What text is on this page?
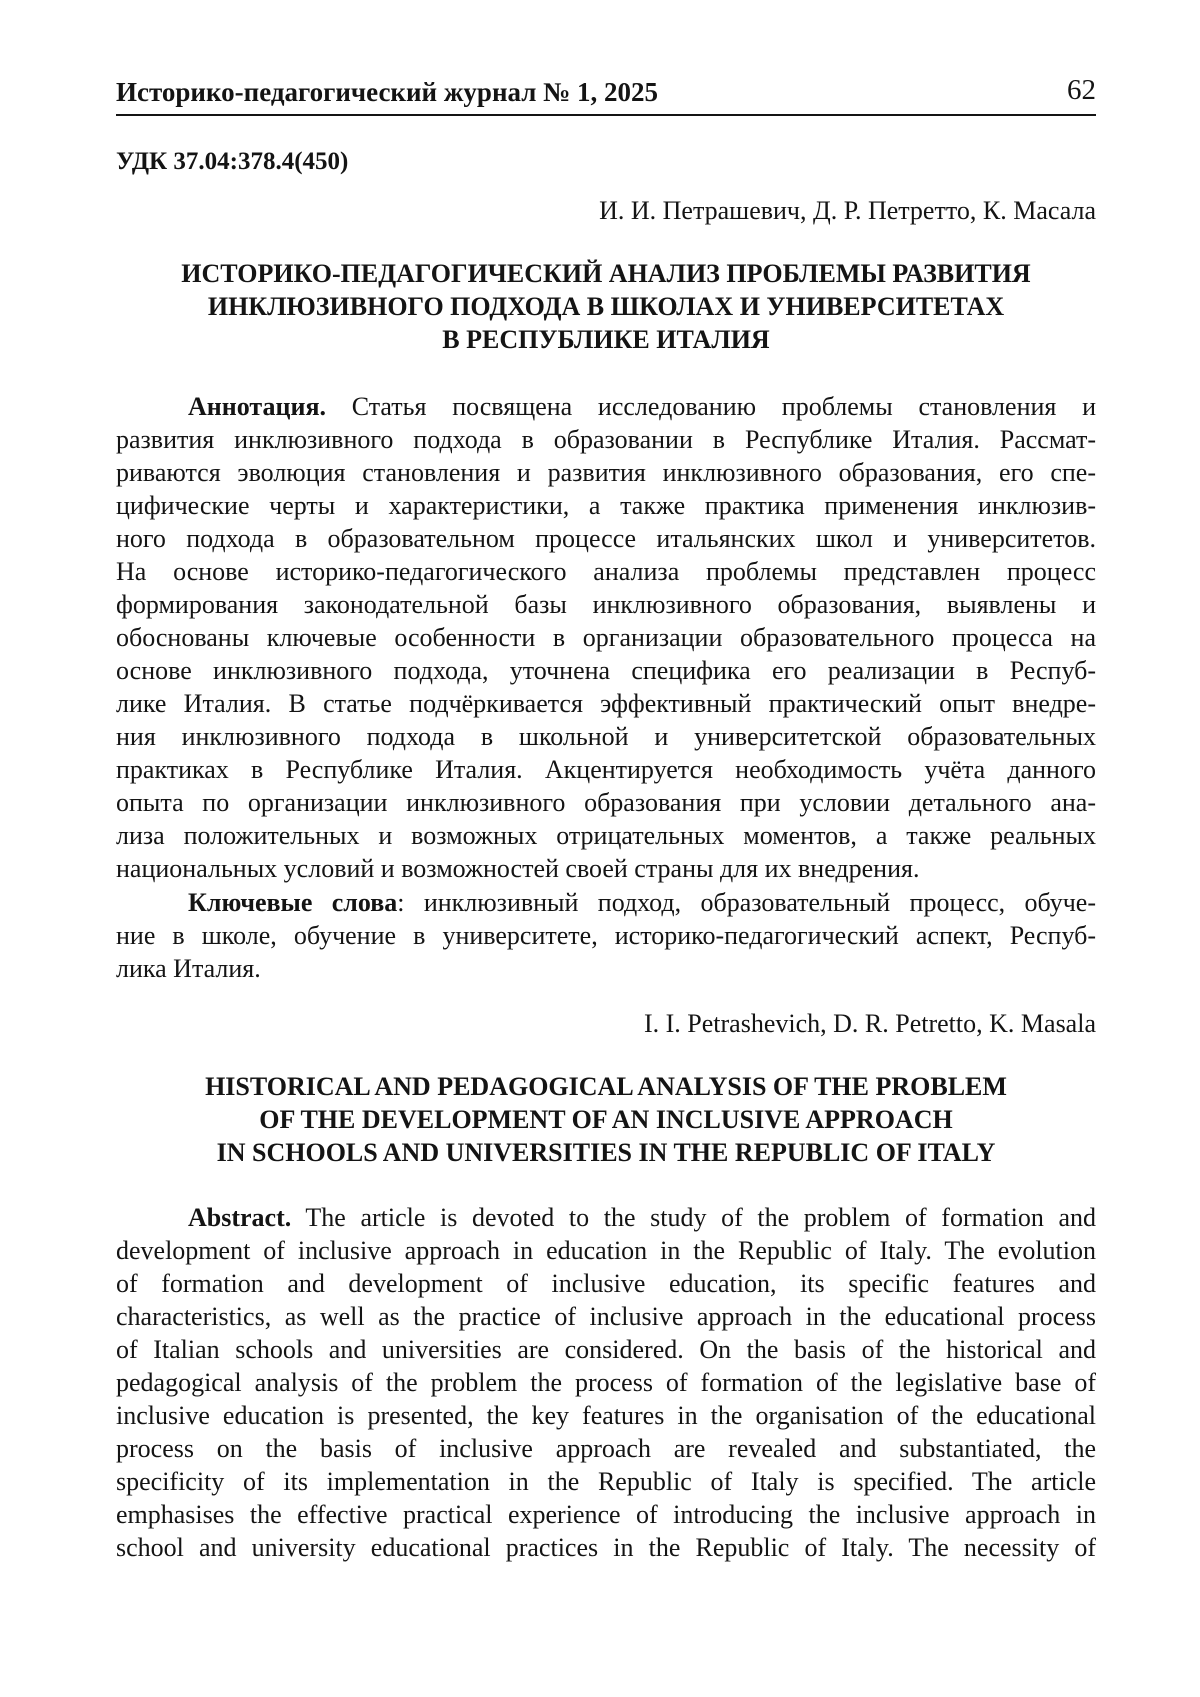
Историко-педагогический журнал № 1, 2025	62
УДК 37.04:378.4(450)
И. И. Петрашевич, Д. Р. Петретто, К. Масала
ИСТОРИКО-ПЕДАГОГИЧЕСКИЙ АНАЛИЗ ПРОБЛЕМЫ РАЗВИТИЯ
ИНКЛЮЗИВНОГО ПОДХОДА В ШКОЛАХ И УНИВЕРСИТЕТАХ
В РЕСПУБЛИКЕ ИТАЛИЯ
Аннотация. Статья посвящена исследованию проблемы становления и
развития инклюзивного подхода в образовании в Республике Италия. Рассмат-
риваются эволюция становления и развития инклюзивного образования, его спе-
цифические черты и характеристики, а также практика применения инклюзив-
ного подхода в образовательном процессе итальянских школ и университетов.
На основе историко-педагогического анализа проблемы представлен процесс
формирования законодательной базы инклюзивного образования, выявлены и
обоснованы ключевые особенности в организации образовательного процесса на
основе инклюзивного подхода, уточнена специфика его реализации в Респуб-
лике Италия. В статье подчёркивается эффективный практический опыт внедре-
ния инклюзивного подхода в школьной и университетской образовательных
практиках в Республике Италия. Акцентируется необходимость учёта данного
опыта по организации инклюзивного образования при условии детального ана-
лиза положительных и возможных отрицательных моментов, а также реальных
национальных условий и возможностей своей страны для их внедрения.
Ключевые слова: инклюзивный подход, образовательный процесс, обуче-
ние в школе, обучение в университете, историко-педагогический аспект, Респуб-
лика Италия.
I. I. Petrashevich, D. R. Petretto, K. Masala
HISTORICAL AND PEDAGOGICAL ANALYSIS OF THE PROBLEM
OF THE DEVELOPMENT OF AN INCLUSIVE APPROACH
IN SCHOOLS AND UNIVERSITIES IN THE REPUBLIC OF ITALY
Abstract. The article is devoted to the study of the problem of formation and
development of inclusive approach in education in the Republic of Italy. The evolution
of formation and development of inclusive education, its specific features and
characteristics, as well as the practice of inclusive approach in the educational process
of Italian schools and universities are considered. On the basis of the historical and
pedagogical analysis of the problem the process of formation of the legislative base of
inclusive education is presented, the key features in the organisation of the educational
process on the basis of inclusive approach are revealed and substantiated, the
specificity of its implementation in the Republic of Italy is specified. The article
emphasises the effective practical experience of introducing the inclusive approach in
school and university educational practices in the Republic of Italy. The necessity of
